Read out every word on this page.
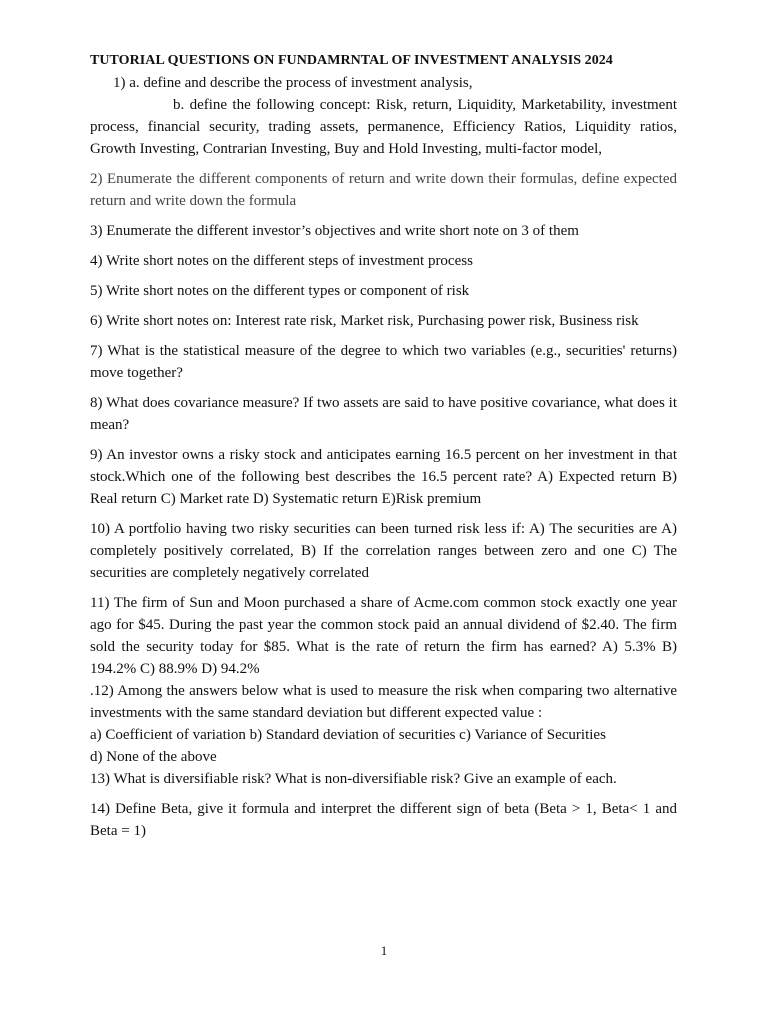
TUTORIAL QUESTIONS ON FUNDAMRNTAL OF INVESTMENT ANALYSIS 2024

1) a. define and describe the process of investment analysis,

b. define the following concept: Risk, return, Liquidity, Marketability, investment process, financial security, trading assets, permanence, Efficiency Ratios, Liquidity ratios, Growth Investing, Contrarian Investing, Buy and Hold Investing, multi-factor model,

2) Enumerate the different components of return and write down their formulas, define expected return and write down the formula

3) Enumerate the different investor’s objectives and write short note on 3 of them

4) Write short notes on the different steps of investment process

5) Write short notes on the different types or component of risk

6) Write short notes on: Interest rate risk, Market risk, Purchasing power risk, Business risk

7) What is the statistical measure of the degree to which two variables (e.g., securities' returns) move together?

8) What does covariance measure? If two assets are said to have positive covariance, what does it mean?

9) An investor owns a risky stock and anticipates earning 16.5 percent on her investment in that stock.Which one of the following best describes the 16.5 percent rate? A) Expected return B) Real return C) Market rate D) Systematic return E)Risk premium

10) A portfolio having two risky securities can been turned risk less if: A) The securities are A) completely positively correlated, B) If the correlation ranges between zero and one C) The securities are completely negatively correlated

11) The firm of Sun and Moon purchased a share of Acme.com common stock exactly one year ago for $45. During the past year the common stock paid an annual dividend of $2.40. The firm sold the security today for $85. What is the rate of return the firm has earned? A) 5.3% B) 194.2% C) 88.9% D) 94.2%

.12) Among the answers below what is used to measure the risk when comparing two alternative investments with the same standard deviation but different expected value :

a) Coefficient of variation b) Standard deviation of securities c) Variance of Securities

d) None of the above

13) What is diversifiable risk? What is non-diversifiable risk? Give an example of each.

14) Define Beta, give it formula and interpret the different sign of beta (Beta > 1, Beta< 1 and Beta = 1)

1
